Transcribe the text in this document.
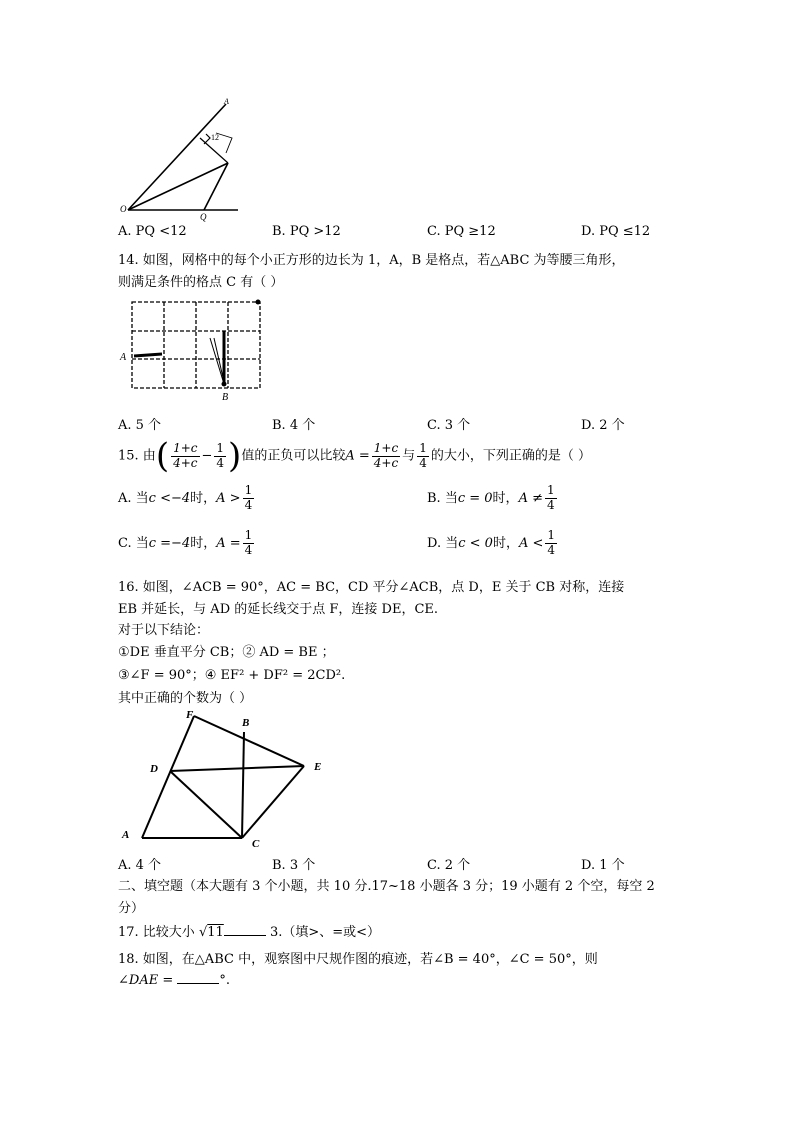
A
12
O
Q
A. PQ <12	B. PQ >12	C. PQ ≥12	D. PQ ≤12
14. 如图，网格中的每个小正方形的边长为 1，A，B 是格点，若△ABC 为等腰三角形，
则满足条件的格点 C 有（ ）
A
B
A. 5 个	B. 4 个	C. 3 个	D. 2 个
15. 由( $\frac{1+c}{4+c} - \frac{1}{4}$ )值的正负可以比较$A = \frac{1+c}{4+c}$ 与 $\frac{1}{4}$ 的大小，下列正确的是（ ）
A. 当c <−4时，$A > \frac{1}{4}$	B. 当c = 0时，$A \ne \frac{1}{4}$
C. 当c =−4时，$A = \frac{1}{4}$	D. 当c < 0时，$A < \frac{1}{4}$
16. 如图，∠ACB = 90°，AC = BC，CD 平分∠ACB，点 D，E 关于 CB 对称，连接
EB 并延长，与 AD 的延长线交于点 F，连接 DE，CE.
对于以下结论：
①DE 垂直平分 CB；② AD = BE ；
③∠F = 90°；④ EF² + DF² = 2CD².
其中正确的个数为（ ）
F
B
D	E
A
C
A. 4 个	B. 3 个	C. 2 个	D. 1 个
二、填空题（本大题有 3 个小题，共 10 分.17~18 小题各 3 分；19 小题有 2 个空，每空 2
分）
17. 比较大小 √11	3.（填>、=或<）
18. 如图，在△ABC 中，观察图中尺规作图的痕迹，若∠B = 40°，∠C = 50°，则
∠DAE =	°.
